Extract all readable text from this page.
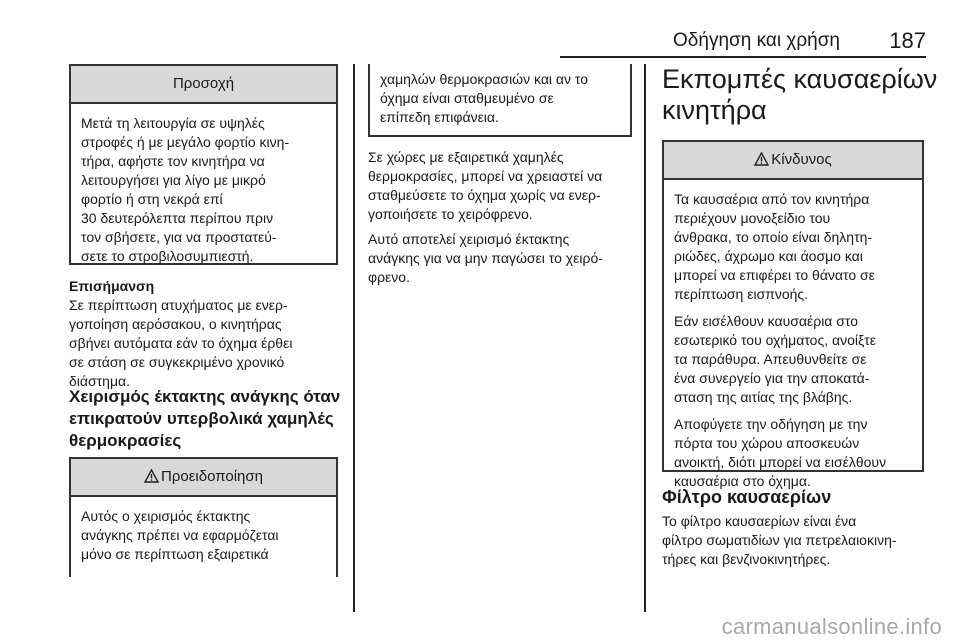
Οδήγηση και χρήση 187
Προσοχή

Μετά τη λειτουργία σε υψηλές
στροφές ή με μεγάλο φορτίο κινη-
τήρα, αφήστε τον κινητήρα να
λειτουργήσει για λίγο με μικρό
φορτίο ή στη νεκρά επί
30 δευτερόλεπτα περίπου πριν
τον σβήσετε, για να προστατεύ-
σετε το στροβιλοσυμπιεστή.

Επισήμανση
Σε περίπτωση ατυχήματος με ενερ-
γοποίηση αερόσακου, ο κινητήρας
σβήνει αυτόματα εάν το όχημα έρθει
σε στάση σε συγκεκριμένο χρονικό
διάστημα.
Χειρισμός έκτακτης ανάγκης όταν
επικρατούν υπερβολικά χαμηλές
θερμοκρασίες
Προειδοποίηση
Αυτός ο χειρισμός έκτακτης
ανάγκης πρέπει να εφαρμόζεται
μόνο σε περίπτωση εξαιρετικά
χαμηλών θερμοκρασιών και αν το
όχημα είναι σταθμευμένο σε
επίπεδη επιφάνεια.

Σε χώρες με εξαιρετικά χαμηλές
θερμοκρασίες, μπορεί να χρειαστεί να
σταθμεύσετε το όχημα χωρίς να ενερ-
γοποιήσετε το χειρόφρενο.

Αυτό αποτελεί χειρισμό έκτακτης
ανάγκης για να μην παγώσει το χειρό-
φρενο.

Εκπομπές καυσαερίων
κινητήρα
Κίνδυνος

Τα καυσαέρια από τον κινητήρα
περιέχουν μονοξείδιο του
άνθρακα, το οποίο είναι δηλητη-
ριώδες, άχρωμο και άοσμο και
μπορεί να επιφέρει το θάνατο σε
περίπτωση εισπνοής.

Εάν εισέλθουν καυσαέρια στο
εσωτερικό του οχήματος, ανοίξτε
τα παράθυρα. Απευθυνθείτε σε
ένα συνεργείο για την αποκατά-
σταση της αιτίας της βλάβης.

Αποφύγετε την οδήγηση με την
πόρτα του χώρου αποσκευών
ανοικτή, διότι μπορεί να εισέλθουν
καυσαέρια στο όχημα.

Φίλτρο καυσαερίων
Το φίλτρο καυσαερίων είναι ένα
φίλτρο σωματιδίων για πετρελαιοκινη-
τήρες και βενζινοκινητήρες.
carmanualsonline.info
